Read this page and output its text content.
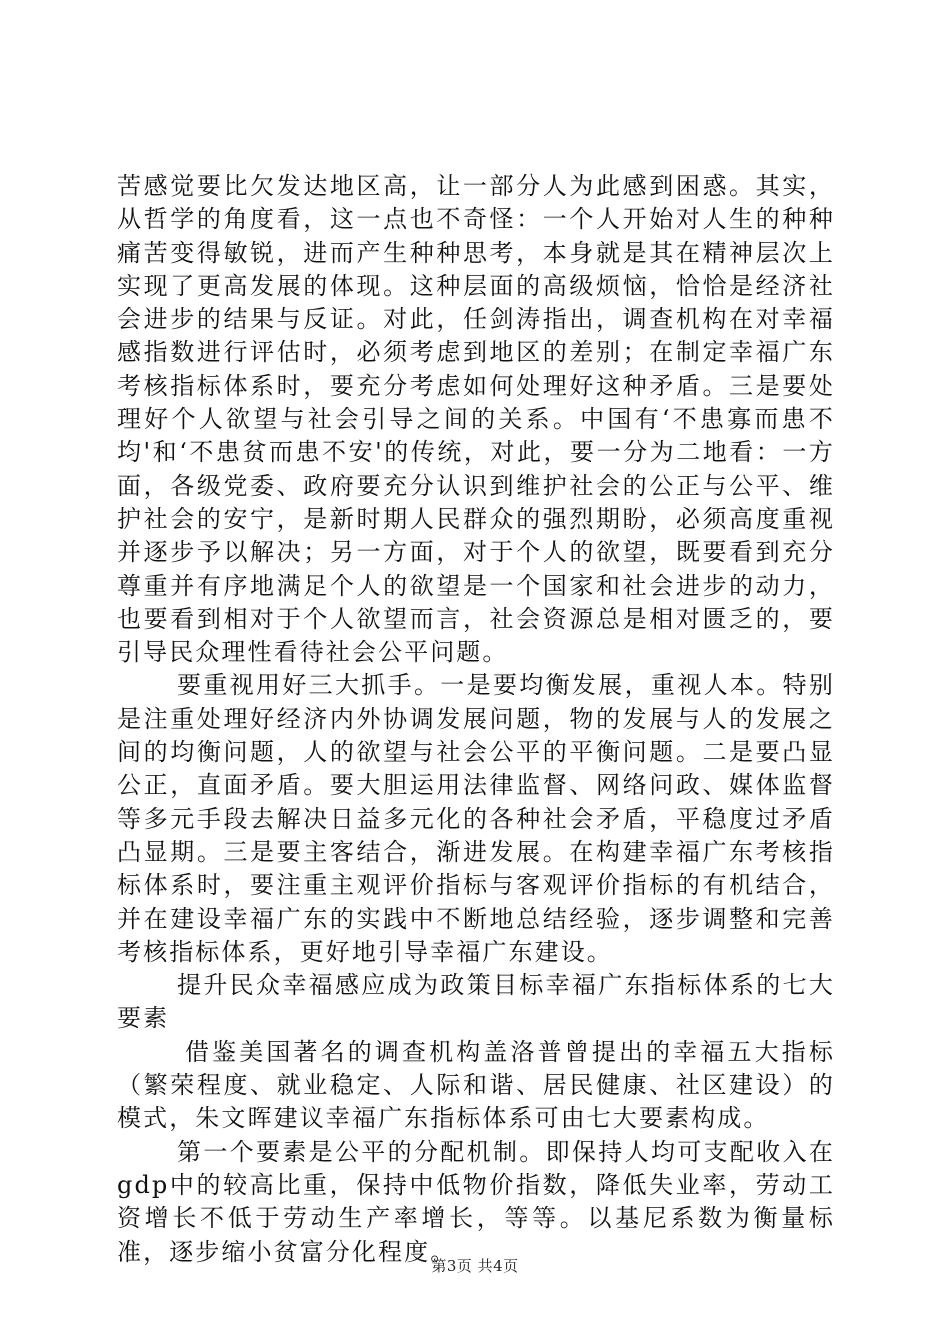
苦感觉要比欠发达地区高，让一部分人为此感到困惑。其实，从哲学的角度看，这一点也不奇怪：一个人开始对人生的种种痛苦变得敏锐，进而产生种种思考，本身就是其在精神层次上实现了更高发展的体现。这种层面的高级烦恼，恰恰是经济社会进步的结果与反证。对此，任剑涛指出，调查机构在对幸福感指数进行评估时，必须考虑到地区的差别；在制定幸福广东考核指标体系时，要充分考虑如何处理好这种矛盾。三是要处理好个人欲望与社会引导之间的关系。中国有‘不患寡而患不均'和‘不患贫而患不安'的传统，对此，要一分为二地看：一方面，各级党委、政府要充分认识到维护社会的公正与公平、维护社会的安宁，是新时期人民群众的强烈期盼，必须高度重视并逐步予以解决；另一方面，对于个人的欲望，既要看到充分尊重并有序地满足个人的欲望是一个国家和社会进步的动力，也要看到相对于个人欲望而言，社会资源总是相对匮乏的，要引导民众理性看待社会公平问题。

要重视用好三大抓手。一是要均衡发展，重视人本。特别是注重处理好经济内外协调发展问题，物的发展与人的发展之间的均衡问题，人的欲望与社会公平的平衡问题。二是要凸显公正，直面矛盾。要大胆运用法律监督、网络问政、媒体监督等多元手段去解决日益多元化的各种社会矛盾，平稳度过矛盾凸显期。三是要主客结合，渐进发展。在构建幸福广东考核指标体系时，要注重主观评价指标与客观评价指标的有机结合，并在建设幸福广东的实践中不断地总结经验，逐步调整和完善考核指标体系，更好地引导幸福广东建设。

提升民众幸福感应成为政策目标幸福广东指标体系的七大要素

借鉴美国著名的调查机构盖洛普曾提出的幸福五大指标（繁荣程度、就业稳定、人际和谐、居民健康、社区建设）的模式，朱文晖建议幸福广东指标体系可由七大要素构成。

第一个要素是公平的分配机制。即保持人均可支配收入在gdp中的较高比重，保持中低物价指数，降低失业率，劳动工资增长不低于劳动生产率增长，等等。以基尼系数为衡量标准，逐步缩小贫富分化程度。

第3页 共4页
